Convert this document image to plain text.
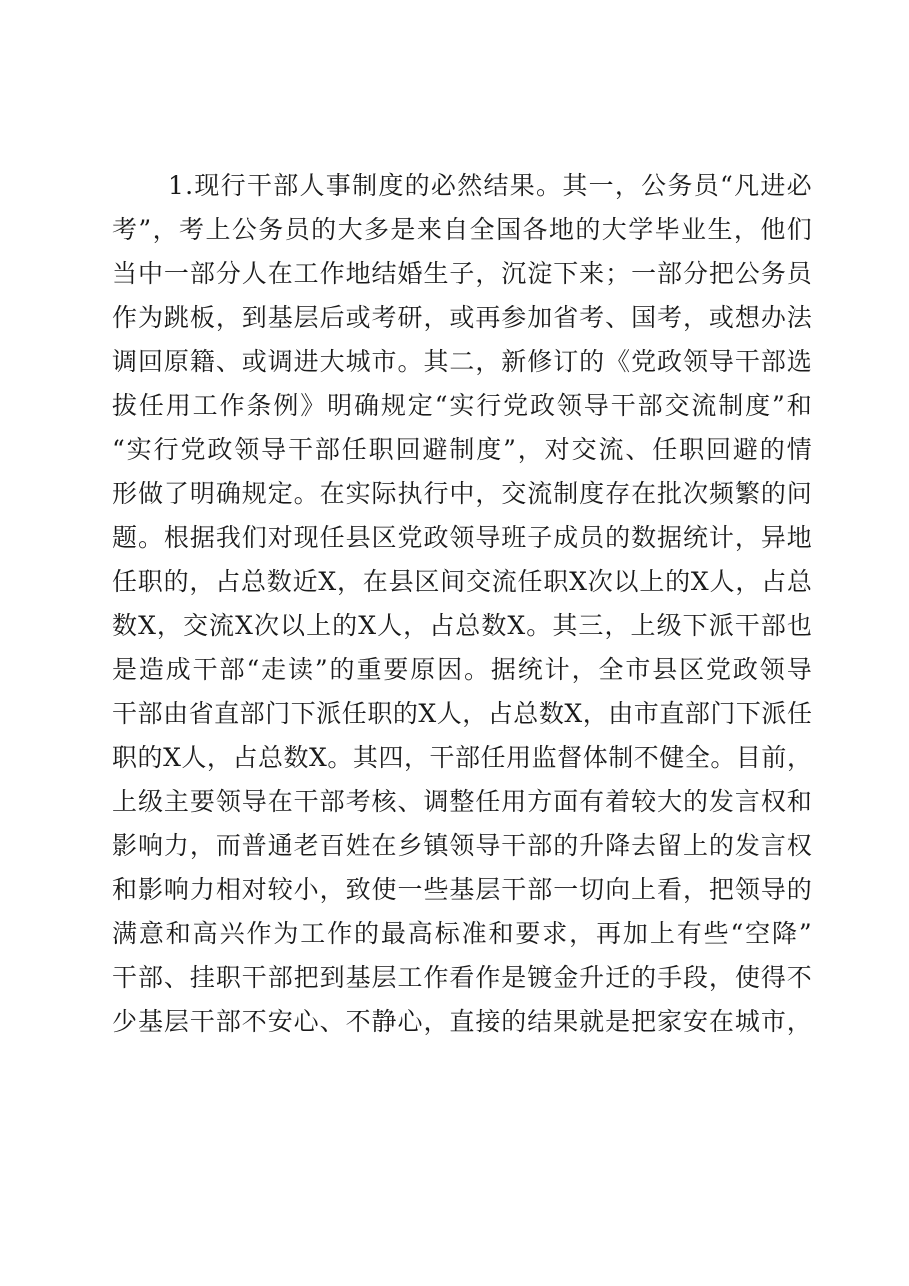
1 . 现 行 干 部 人 事 制 度 的 必 然 结 果 。 其 一 ， 公 务 员 “ 凡 进 必
考 ” ， 考 上 公 务 员 的 大 多 是 来 自 全 国 各 地 的 大 学 毕 业 生 ， 他 们
当 中 一 部 分 人 在 工 作 地 结 婚 生 子 ， 沉 淀 下 来 ； 一 部 分 把 公 务 员
作 为 跳 板 ， 到 基 层 后 或 考 研 ， 或 再 参 加 省 考 、 国 考 ， 或 想 办 法
调 回 原 籍 、 或 调 进 大 城 市 。 其 二 ， 新 修 订 的 《 党 政 领 导 干 部 选
拔 任 用 工 作 条 例 》 明 确 规 定 “ 实 行 党 政 领 导 干 部 交 流 制 度 ” 和
“ 实 行 党 政 领 导 干 部 任 职 回 避 制 度 ” ， 对 交 流 、 任 职 回 避 的 情
形 做 了 明 确 规 定 。 在 实 际 执 行 中 ， 交 流 制 度 存 在 批 次 频 繁 的 问
题 。 根 据 我 们 对 现 任 县 区 党 政 领 导 班 子 成 员 的 数 据 统 计 ， 异 地
任 职 的 ， 占 总 数 近 X ， 在 县 区 间 交 流 任 职 X 次 以 上 的 X 人 ， 占 总
数 X ， 交 流 X 次 以 上 的 X 人 ， 占 总 数 X 。 其 三 ， 上 级 下 派 干 部 也
是 造 成 干 部 “ 走 读 ” 的 重 要 原 因 。 据 统 计 ， 全 市 县 区 党 政 领 导
干 部 由 省 直 部 门 下 派 任 职 的 X 人 ， 占 总 数 X ， 由 市 直 部 门 下 派 任
职 的 X 人 ， 占 总 数 X 。 其 四 ， 干 部 任 用 监 督 体 制 不 健 全 。 目 前 ，
上 级 主 要 领 导 在 干 部 考 核 、 调 整 任 用 方 面 有 着 较 大 的 发 言 权 和
影 响 力 ， 而 普 通 老 百 姓 在 乡 镇 领 导 干 部 的 升 降 去 留 上 的 发 言 权
和 影 响 力 相 对 较 小 ， 致 使 一 些 基 层 干 部 一 切 向 上 看 ， 把 领 导 的
满 意 和 高 兴 作 为 工 作 的 最 高 标 准 和 要 求 ， 再 加 上 有 些 “ 空 降 ”
干 部 、 挂 职 干 部 把 到 基 层 工 作 看 作 是 镀 金 升 迁 的 手 段 ， 使 得 不
少 基 层 干 部 不 安 心 、 不 静 心 ， 直 接 的 结 果 就 是 把 家 安 在 城 市 ，
